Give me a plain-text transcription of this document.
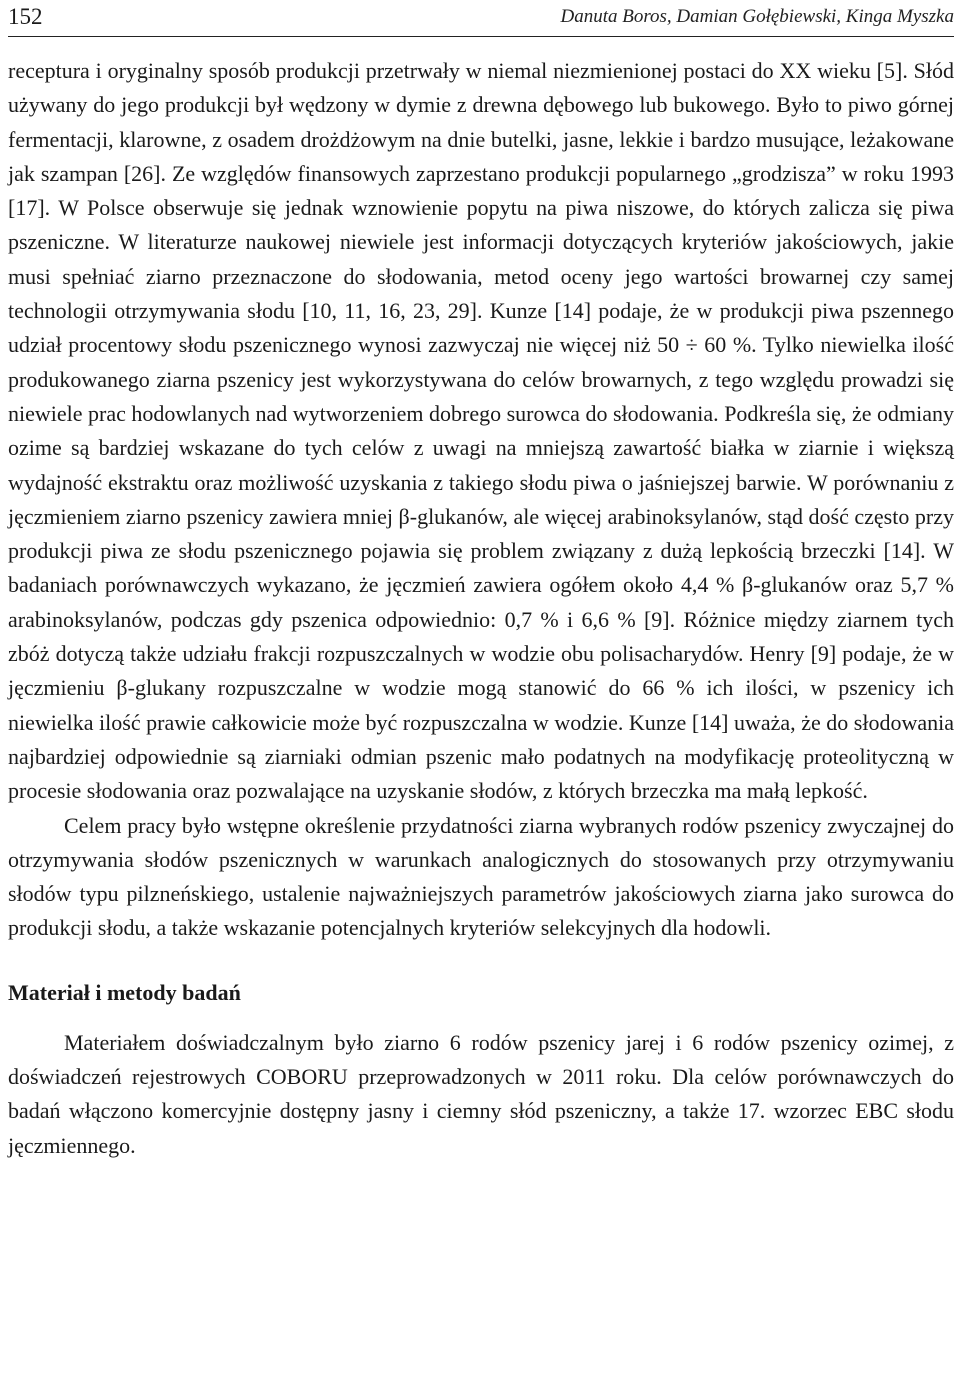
152	Danuta Boros, Damian Gołębiewski, Kinga Myszka

receptura i oryginalny sposób produkcji przetrwały w niemal niezmienionej postaci do XX wieku [5]. Słód używany do jego produkcji był wędzony w dymie z drewna dębowego lub bukowego. Było to piwo górnej fermentacji, klarowne, z osadem drożdżowym na dnie butelki, jasne, lekkie i bardzo musujące, leżakowane jak szampan [26]. Ze względów finansowych zaprzestano produkcji popularnego „grodzisza” w roku 1993 [17]. W Polsce obserwuje się jednak wznowienie popytu na piwa niszowe, do których zalicza się piwa pszeniczne. W literaturze naukowej niewiele jest informacji dotyczących kryteriów jakościowych, jakie musi spełniać ziarno przeznaczone do słodowania, metod oceny jego wartości browarnej czy samej technologii otrzymywania słodu [10, 11, 16, 23, 29]. Kunze [14] podaje, że w produkcji piwa pszennego udział procentowy słodu pszenicznego wynosi zazwyczaj nie więcej niż 50 ÷ 60 %. Tylko niewielka ilość produkowanego ziarna pszenicy jest wykorzystywana do celów browarnych, z tego względu prowadzi się niewiele prac hodowlanych nad wytworzeniem dobrego surowca do słodowania. Podkreśla się, że odmiany ozime są bardziej wskazane do tych celów z uwagi na mniejszą zawartość białka w ziarnie i większą wydajność ekstraktu oraz możliwość uzyskania z takiego słodu piwa o jaśniejszej barwie. W porównaniu z jęczmieniem ziarno pszenicy zawiera mniej β-glukanów, ale więcej arabinoksylanów, stąd dość często przy produkcji piwa ze słodu pszenicznego pojawia się problem związany z dużą lepkością brzeczki [14]. W badaniach porównawczych wykazano, że jęczmień zawiera ogółem około 4,4 % β-glukanów oraz 5,7 % arabinoksylanów, podczas gdy pszenica odpowiednio: 0,7 % i 6,6 % [9]. Różnice między ziarnem tych zbóż dotyczą także udziału frakcji rozpuszczalnych w wodzie obu polisacharydów. Henry [9] podaje, że w jęczmieniu β-glukany rozpuszczalne w wodzie mogą stanowić do 66 % ich ilości, w pszenicy ich niewielka ilość prawie całkowicie może być rozpuszczalna w wodzie. Kunze [14] uważa, że do słodowania najbardziej odpowiednie są ziarniaki odmian pszenic mało podatnych na modyfikację proteolityczną w procesie słodowania oraz pozwalające na uzyskanie słodów, z których brzeczka ma małą lepkość.

Celem pracy było wstępne określenie przydatności ziarna wybranych rodów pszenicy zwyczajnej do otrzymywania słodów pszenicznych w warunkach analogicznych do stosowanych przy otrzymywaniu słodów typu pilzneńskiego, ustalenie najważniejszych parametrów jakościowych ziarna jako surowca do produkcji słodu, a także wskazanie potencjalnych kryteriów selekcyjnych dla hodowli.

Materiał i metody badań

Materiałem doświadczalnym było ziarno 6 rodów pszenicy jarej i 6 rodów pszenicy ozimej, z doświadczeń rejestrowych COBORU przeprowadzonych w 2011 roku. Dla celów porównawczych do badań włączono komercyjnie dostępny jasny i ciemny słód pszeniczny, a także 17. wzorzec EBC słodu jęczmiennego.
